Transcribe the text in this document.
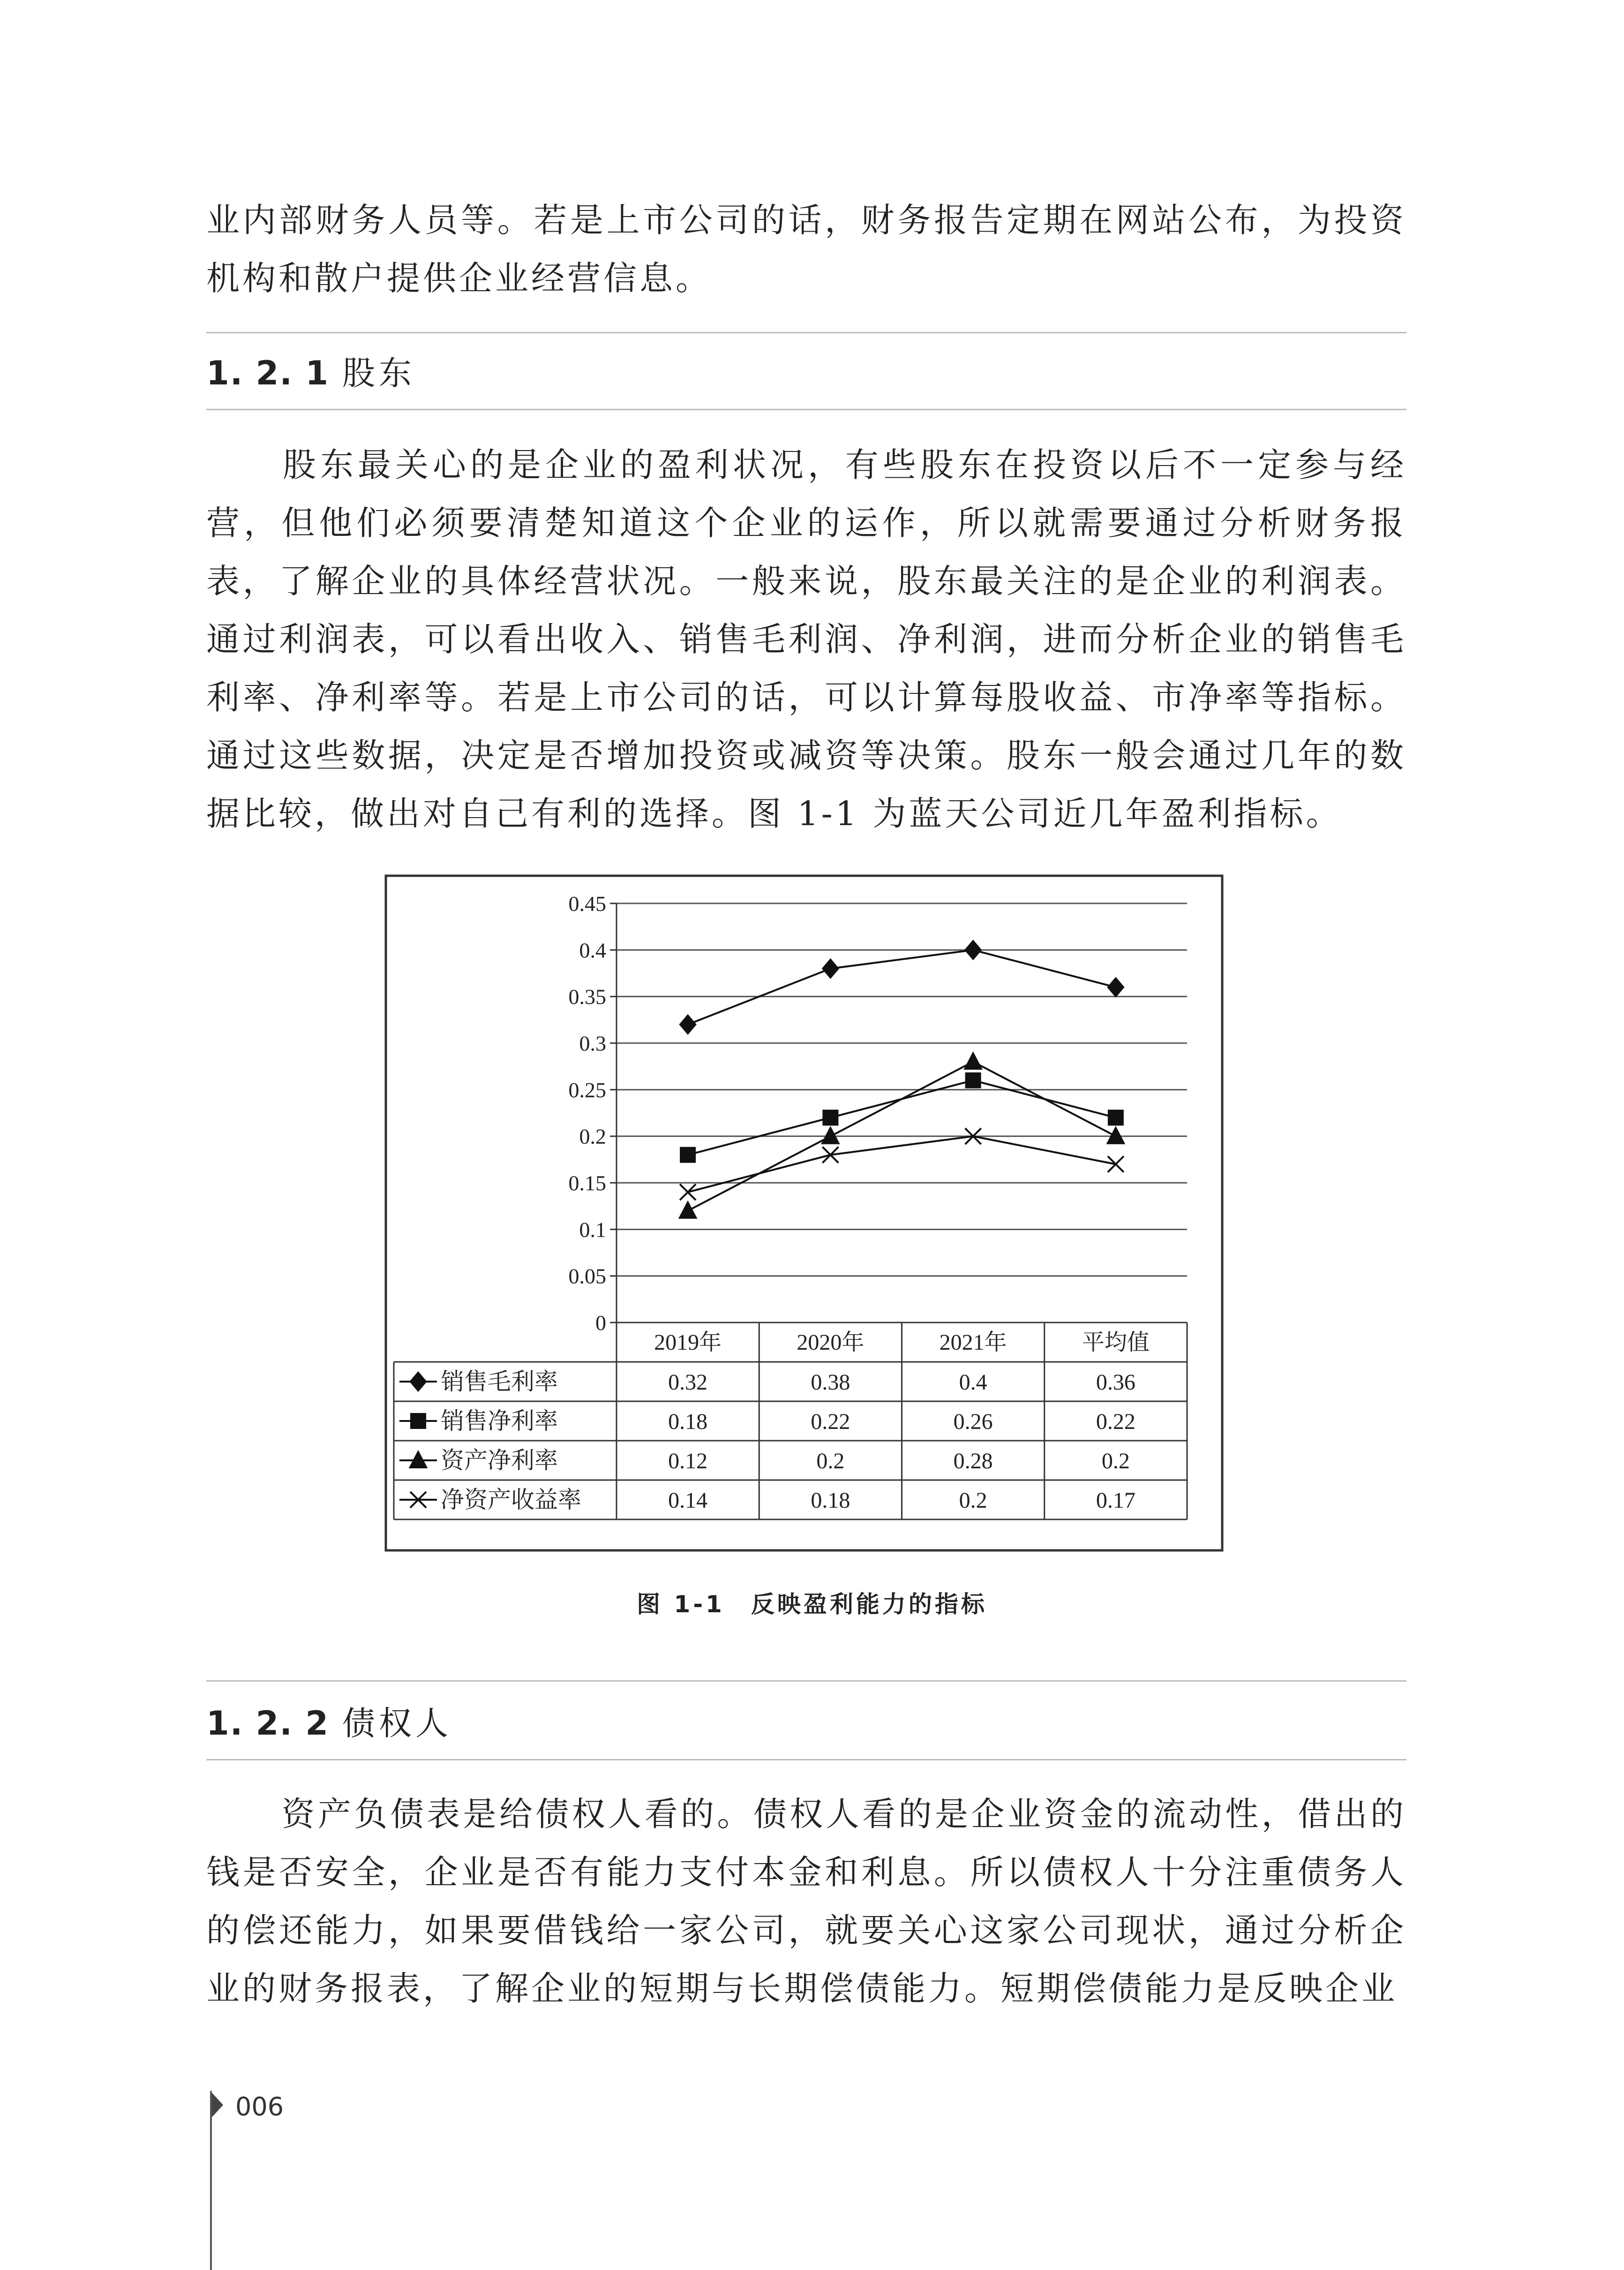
业内部财务人员等。若是上市公司的话，财务报告定期在网站公布，为投资机构和散户提供企业经营信息。

1. 2. 1 股东

股东最关心的是企业的盈利状况，有些股东在投资以后不一定参与经营，但他们必须要清楚知道这个企业的运作，所以就需要通过分析财务报表，了解企业的具体经营状况。一般来说，股东最关注的是企业的利润表。通过利润表，可以看出收入、销售毛利润、净利润，进而分析企业的销售毛利率、净利率等。若是上市公司的话，可以计算每股收益、市净率等指标。通过这些数据，决定是否增加投资或减资等决策。股东一般会通过几年的数据比较，做出对自己有利的选择。图 1-1 为蓝天公司近几年盈利指标。

0
0.05
0.1
0.15
0.2
0.25
0.3
0.35
0.4
0.45
2019年	2020年	2021年	平均值
销售毛利率	0.32	0.38	0.4	0.36
销售净利率	0.18	0.22	0.26	0.22
资产净利率	0.12	0.2	0.28	0.2
净资产收益率	0.14	0.18	0.2	0.17
图 1-1　反映盈利能力的指标
1. 2. 2 债权人

资产负债表是给债权人看的。债权人看的是企业资金的流动性，借出的钱是否安全，企业是否有能力支付本金和利息。所以债权人十分注重债务人的偿还能力，如果要借钱给一家公司，就要关心这家公司现状，通过分析企业的财务报表，了解企业的短期与长期偿债能力。短期偿债能力是反映企业

006
